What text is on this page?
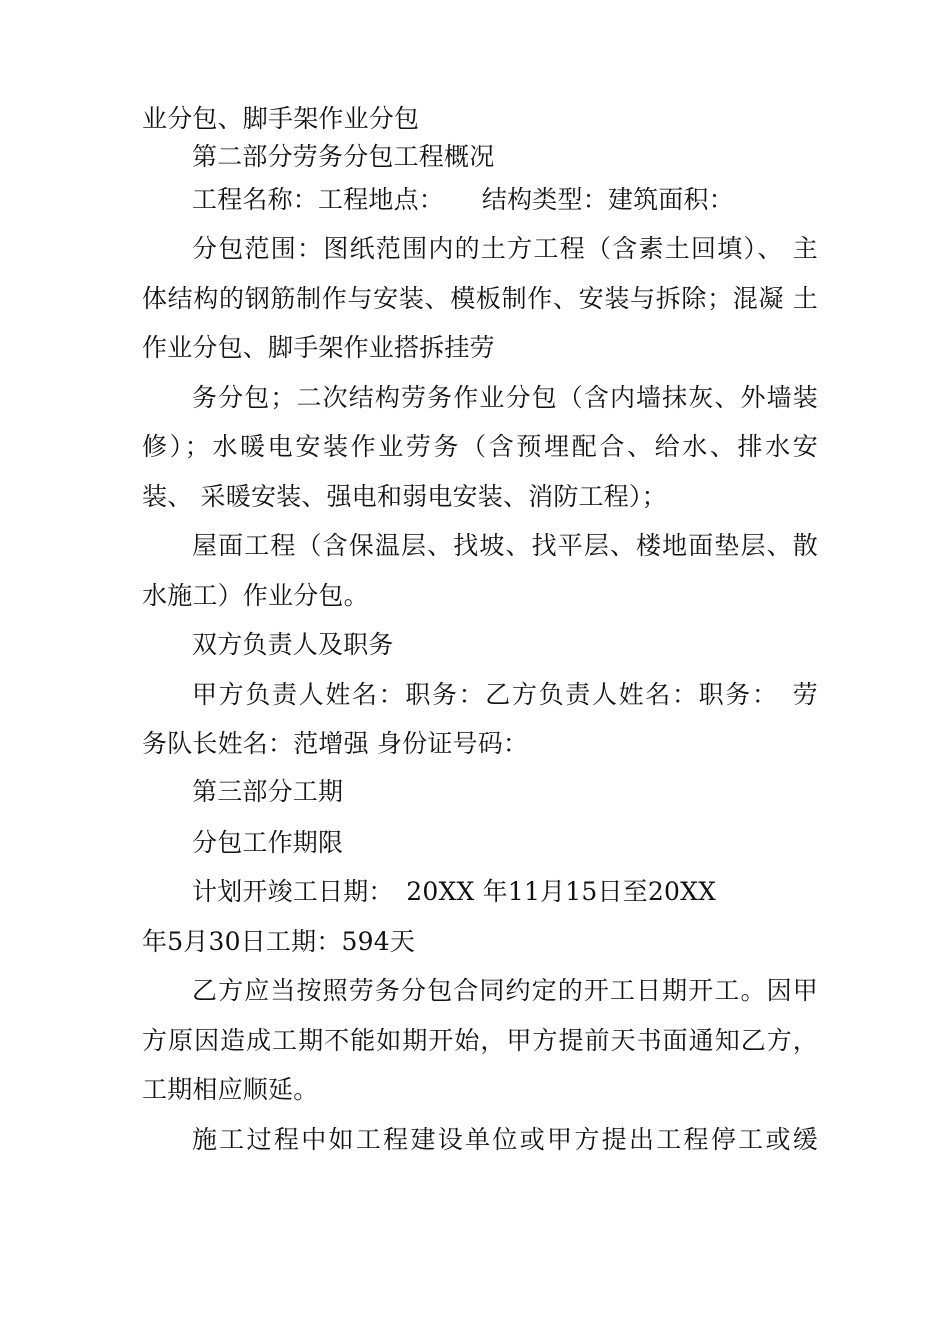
业分包、脚手架作业分包
第二部分劳务分包工程概况
工程名称：工程地点：　　结构类型：建筑面积：
分包范围：图纸范围内的土方工程（含素土回填）、 主
体结构的钢筋制作与安装、模板制作、安装与拆除；混凝 土
作业分包、脚手架作业搭拆挂劳
务分包；二次结构劳务作业分包（含内墙抹灰、外墙装
修）；水暖电安装作业劳务（含预埋配合、给水、排水安
装、 采暖安装、强电和弱电安装、消防工程）；
屋面工程（含保温层、找坡、找平层、楼地面垫层、散
水施工）作业分包。
双方负责人及职务
甲方负责人姓名：职务：乙方负责人姓名：职务：　劳
务队长姓名：范增强 身份证号码：
第三部分工期
分包工作期限
计划开竣工日期：　20XX 年11月15日至20XX
年5月30日工期：594天
乙方应当按照劳务分包合同约定的开工日期开工。因甲
方原因造成工期不能如期开始，甲方提前天书面通知乙方，
工期相应顺延。
施工过程中如工程建设单位或甲方提出工程停工或缓
